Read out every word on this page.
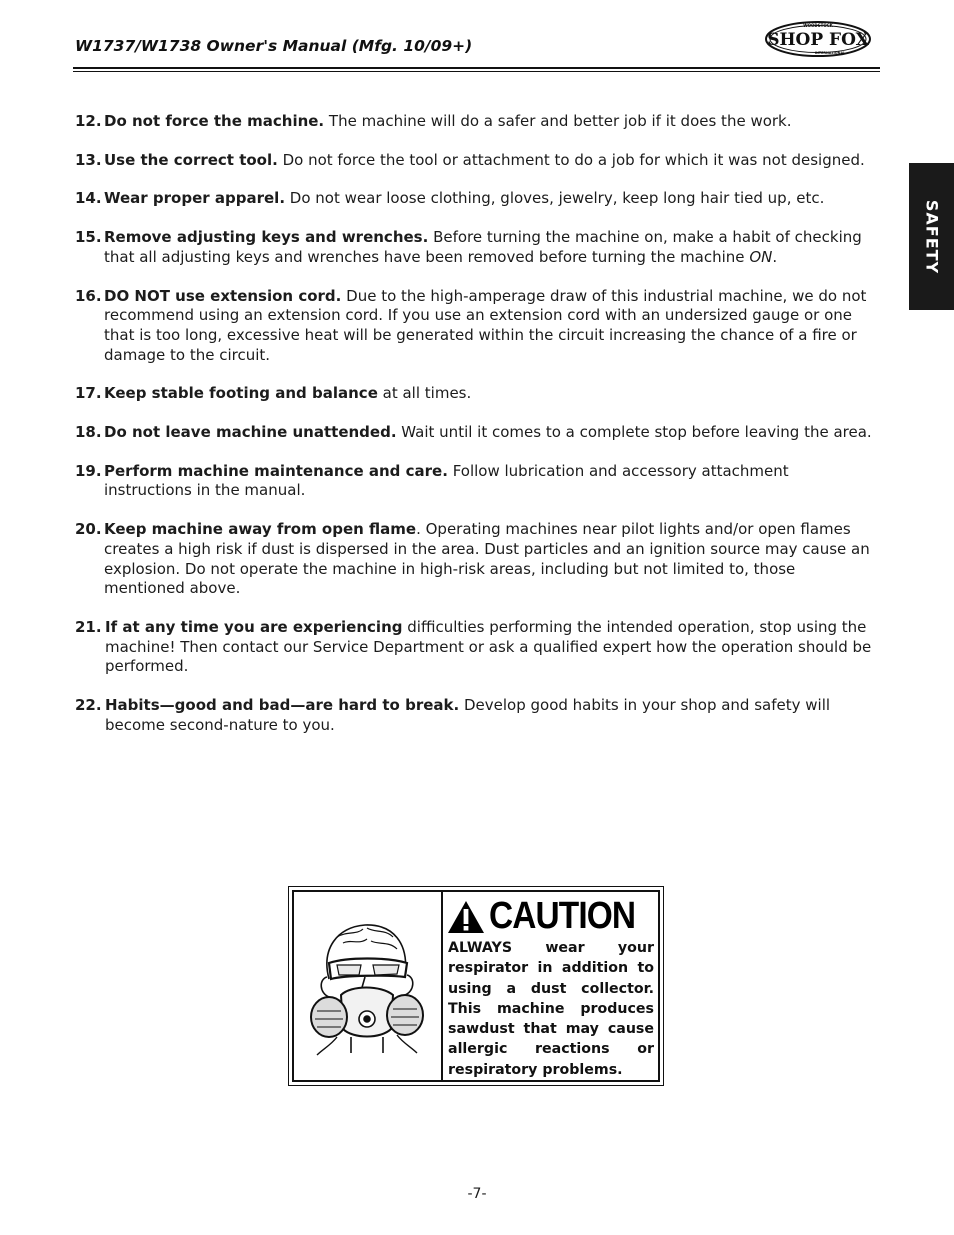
W1737/W1738 Owner's Manual (Mfg. 10/09+)
WOODSTOCK
SHOP FOX
INTERNATIONAL
SAFETY
12. Do not force the machine. The machine will do a safer and better job if it does the work.
13. Use the correct tool. Do not force the tool or attachment to do a job for which it was not designed.
14. Wear proper apparel. Do not wear loose clothing, gloves, jewelry, keep long hair tied up, etc.
15. Remove adjusting keys and wrenches. Before turning the machine on, make a habit of checking that all adjusting keys and wrenches have been removed before turning the machine ON.
16. DO NOT use extension cord. Due to the high-amperage draw of this industrial machine, we do not recommend using an extension cord. If you use an extension cord with an undersized gauge or one that is too long, excessive heat will be generated within the circuit increasing the chance of a fire or damage to the circuit.
17. Keep stable footing and balance at all times.
18. Do not leave machine unattended. Wait until it comes to a complete stop before leaving the area.
19. Perform machine maintenance and care. Follow lubrication and accessory attachment instructions in the manual.
20. Keep machine away from open flame. Operating machines near pilot lights and/or open flames creates a high risk if dust is dispersed in the area. Dust particles and an ignition source may cause an explosion. Do not operate the machine in high-risk areas, including but not limited to, those mentioned above.
21. If at any time you are experiencing difficulties performing the intended operation, stop using the machine! Then contact our Service Department or ask a qualified expert how the operation should be performed.
22. Habits—good and bad—are hard to break. Develop good habits in your shop and safety will become second-nature to you.
CAUTION
ALWAYS wear your respirator in addition to using a dust collector. This machine produces sawdust that may cause allergic reactions or respiratory problems.
-7-
